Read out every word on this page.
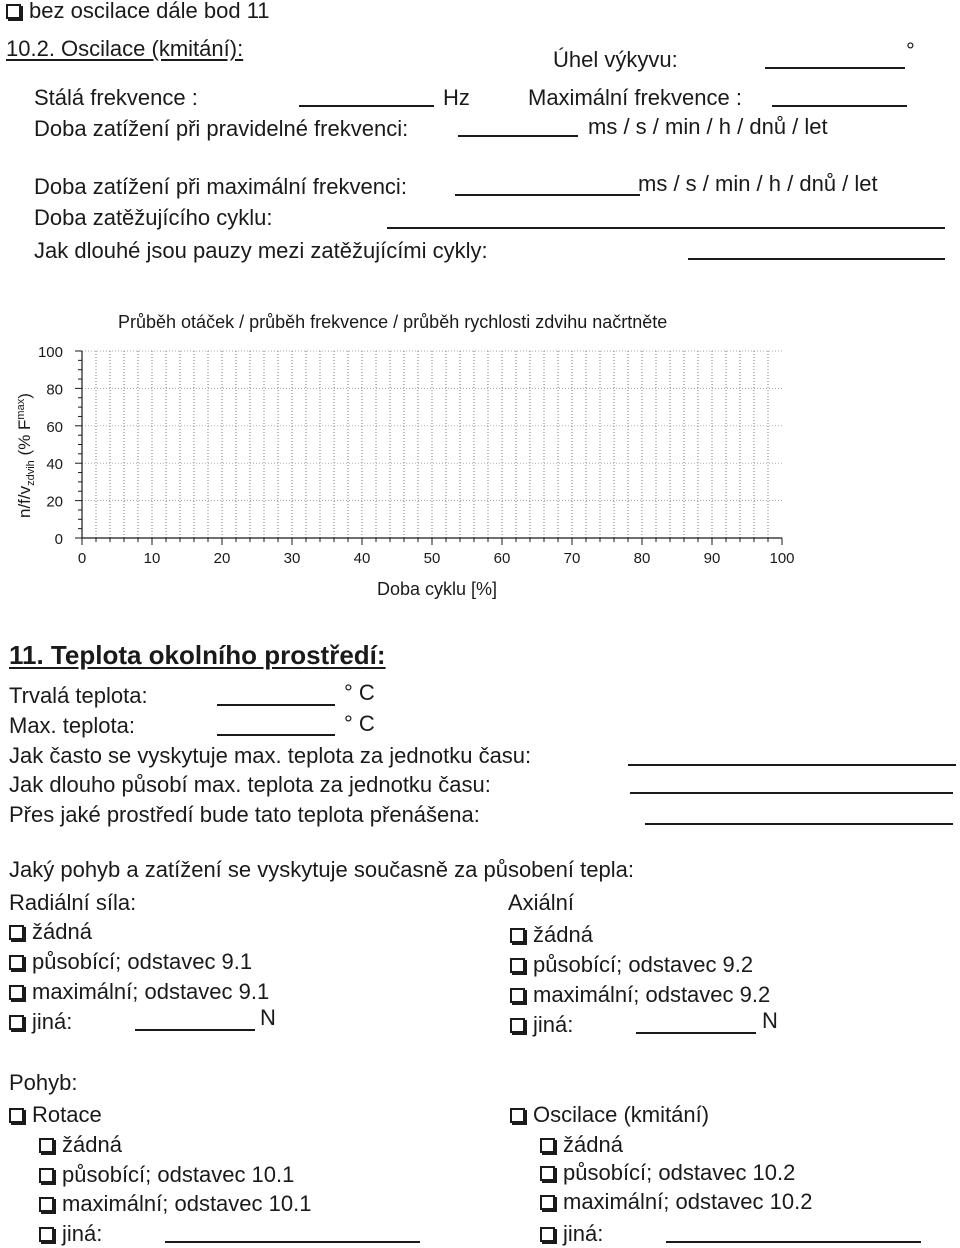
bez oscilace dále bod 11
10.2. Oscilace (kmitání):	Úhel výkyvu:	°
Stálá frekvence :	Hz	Maximální frekvence :
Doba zatížení při pravidelné frekvenci:	ms / s / min / h / dnů / let
Doba zatížení při maximální frekvenci:	ms / s / min / h / dnů / let
Doba zatěžujícího cyklu:
Jak dlouhé jsou pauzy mezi zatěžujícími cykly:
Průběh otáček / průběh frekvence / průběh rychlosti zdvihu načrtněte
0
20
40
60
80
100
0	10	20	30	40	50	60	70	80	90	100
$n/f/v_{zdvih}$ (% $F^{max}$)
Doba cyklu [%]
11. Teplota okolního prostředí:
Trvalá teplota:	° C
Max. teplota:	° C
Jak často se vyskytuje max. teplota za jednotku času:
Jak dlouho působí max. teplota za jednotku času:
Přes jaké prostředí bude tato teplota přenášena:
Jaký pohyb a zatížení se vyskytuje současně za působení tepla:
Radiální síla:
žádná
působící; odstavec 9.1
maximální; odstavec 9.1
jiná:	N
Axiální
žádná
působící; odstavec 9.2
maximální; odstavec 9.2
jiná:	N
Pohyb:
Rotace	Oscilace (kmitání)
žádná
působící; odstavec 10.1
maximální; odstavec 10.1
jiná:
žádná
působící; odstavec 10.2
maximální; odstavec 10.2
jiná:
